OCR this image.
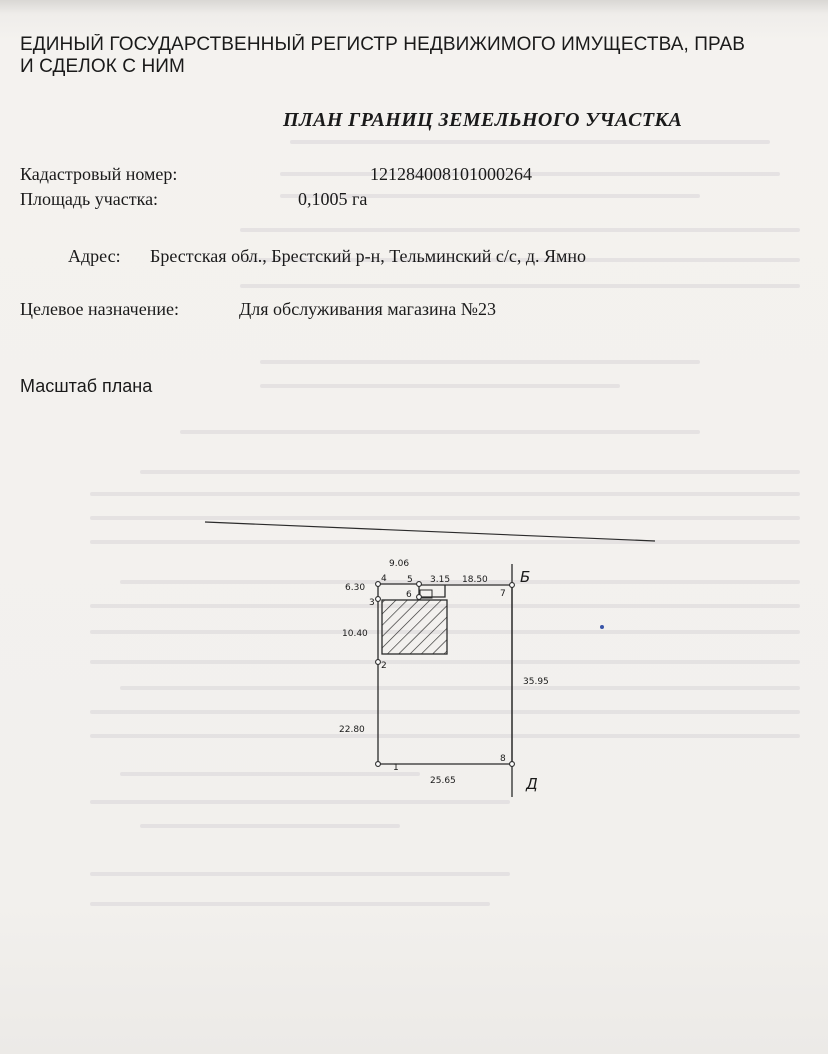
ЕДИНЫЙ ГОСУДАРСТВЕННЫЙ РЕГИСТР НЕДВИЖИМОГО ИМУЩЕСТВА, ПРАВ
И СДЕЛОК С НИМ
ПЛАН ГРАНИЦ ЗЕМЕЛЬНОГО УЧАСТКА
Кадастровый номер:	121284008101000264
Площадь участка:	0,1005 га
Адрес: Брестская обл., Брестский р-н, Тельминский с/с, д. Ямно
Целевое назначение:	Для обслуживания магазина №23
Масштаб плана
1
2
3
4 5
6	7
8
9.06
3.15 18.50
6.30
10.40
35.95
22.80
25.65
Б
Д
